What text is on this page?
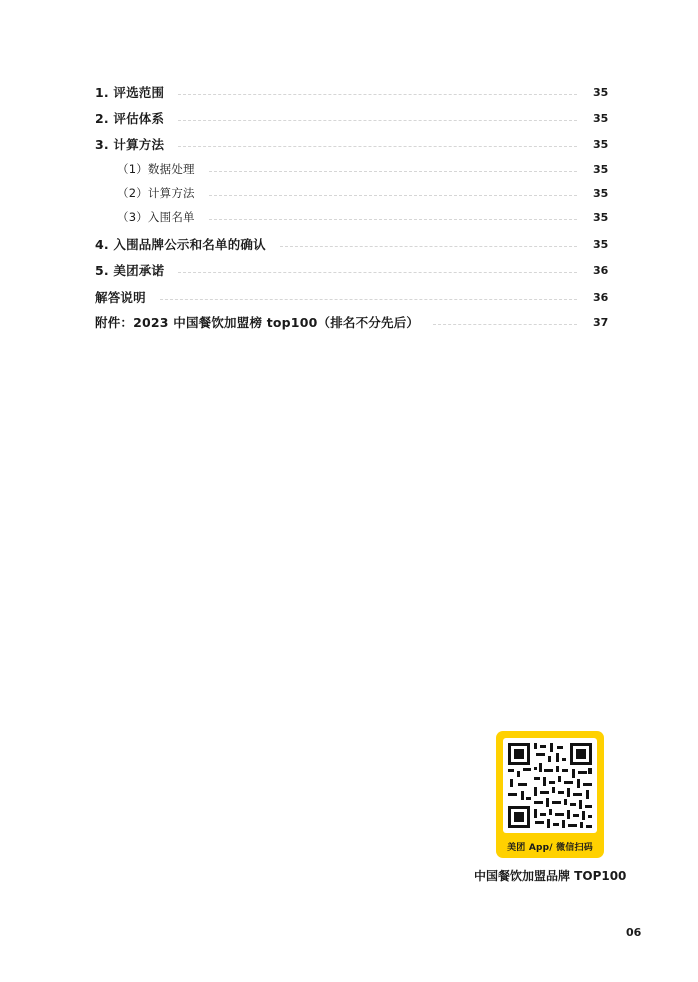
1. 评选范围	35
2. 评估体系	35
3. 计算方法	35
（1）数据处理	35
（2）计算方法	35
（3）入围名单	35
4. 入围品牌公示和名单的确认	35
5. 美团承诺	36
解答说明	36
附件：2023 中国餐饮加盟榜 top100（排名不分先后）	37
美团 App/ 微信扫码
中国餐饮加盟品牌 TOP100
06
